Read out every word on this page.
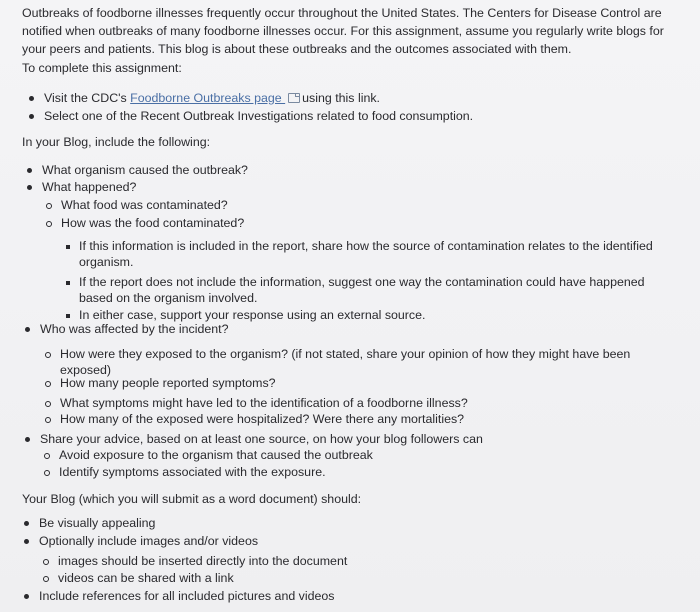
Outbreaks of foodborne illnesses frequently occur throughout the United States. The Centers for Disease Control are notified when outbreaks of many foodborne illnesses occur. For this assignment, assume you regularly write blogs for your peers and patients. This blog is about these outbreaks and the outcomes associated with them.
To complete this assignment:
Visit the CDC's Foodborne Outbreaks page using this link.
Select one of the Recent Outbreak Investigations related to food consumption.
In your Blog, include the following:
What organism caused the outbreak?
What happened?
What food was contaminated?
How was the food contaminated?
If this information is included in the report, share how the source of contamination relates to the identified organism.
If the report does not include the information, suggest one way the contamination could have happened based on the organism involved.
In either case, support your response using an external source.
Who was affected by the incident?
How were they exposed to the organism? (if not stated, share your opinion of how they might have been exposed)
How many people reported symptoms?
What symptoms might have led to the identification of a foodborne illness?
How many of the exposed were hospitalized? Were there any mortalities?
Share your advice, based on at least one source, on how your blog followers can
Avoid exposure to the organism that caused the outbreak
Identify symptoms associated with the exposure.
Your Blog (which you will submit as a word document) should:
Be visually appealing
Optionally include images and/or videos
images should be inserted directly into the document
videos can be shared with a link
Include references for all included pictures and videos
